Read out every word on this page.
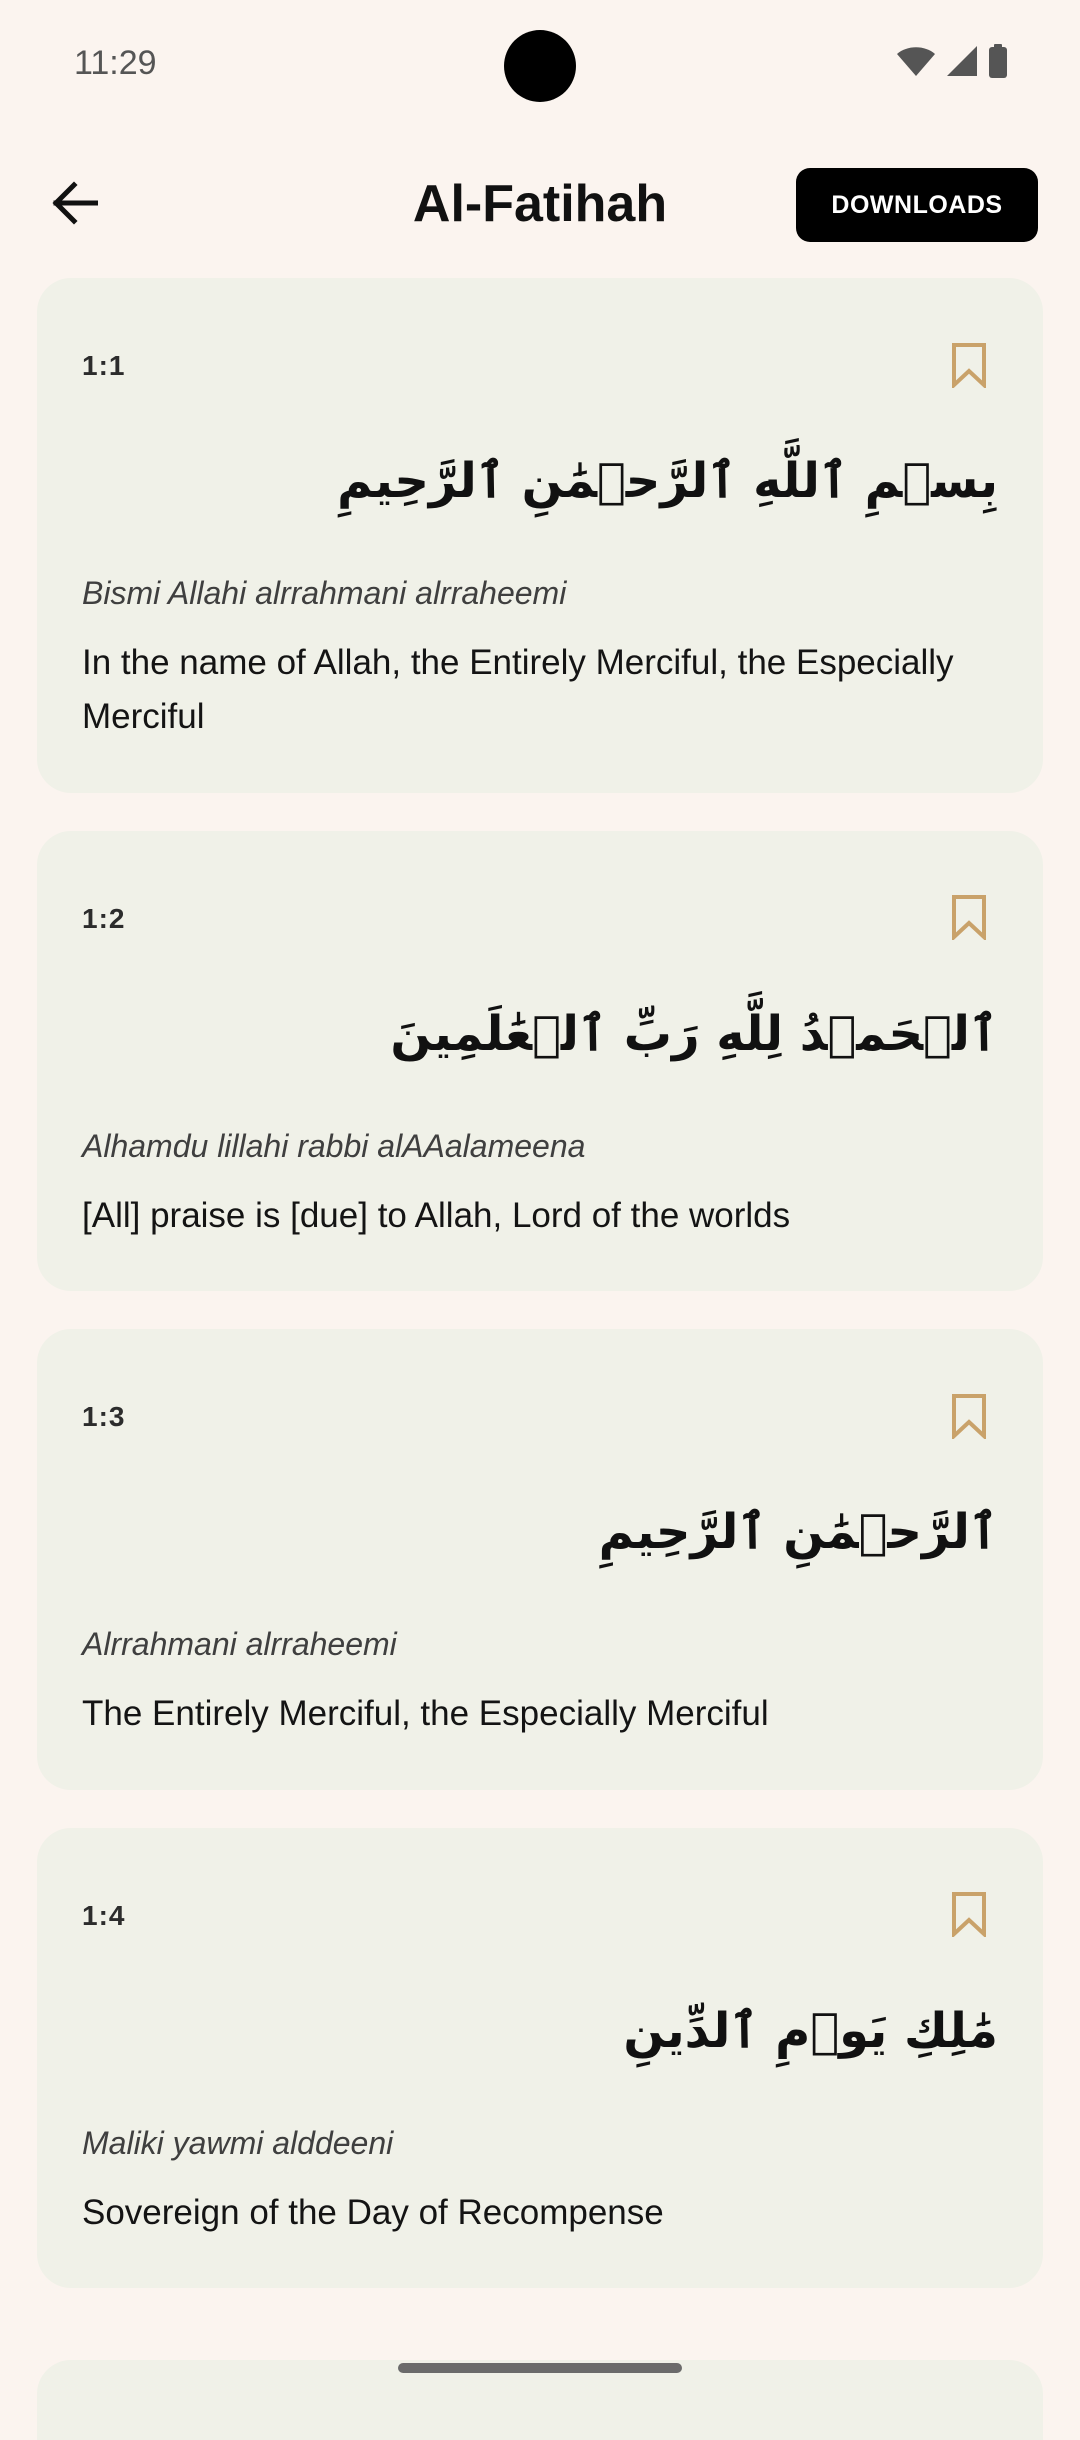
11:29
Al-Fatihah	DOWNLOADS
1:1
بِسۡمِ ٱللَّهِ ٱلرَّحۡمَٰنِ ٱلرَّحِيمِ
Bismi Allahi alrrahmani alrraheemi
In the name of Allah, the Entirely Merciful, the Especially Merciful
1:2
ٱلۡحَمۡدُ لِلَّهِ رَبِّ ٱلۡعَٰلَمِينَ
Alhamdu lillahi rabbi alAAalameena
[All] praise is [due] to Allah, Lord of the worlds
1:3
ٱلرَّحۡمَٰنِ ٱلرَّحِيمِ
Alrrahmani alrraheemi
The Entirely Merciful, the Especially Merciful
1:4
مَٰلِكِ يَوۡمِ ٱلدِّينِ
Maliki yawmi alddeeni
Sovereign of the Day of Recompense
